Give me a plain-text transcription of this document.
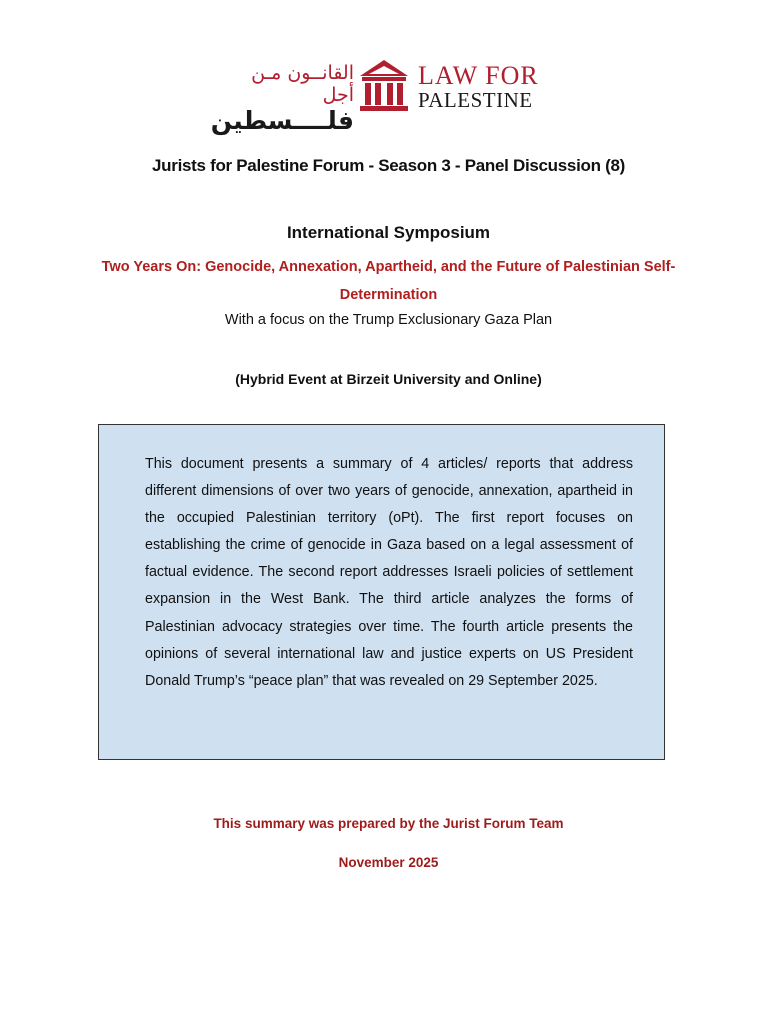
القانــون مـن أجل
فلــــسطين
LAW FOR
PALESTINE
Jurists for Palestine Forum - Season 3 - Panel Discussion (8)
International Symposium
Two Years On: Genocide, Annexation, Apartheid, and the Future of Palestinian Self-Determination
With a focus on the Trump Exclusionary Gaza Plan
(Hybrid Event at Birzeit University and Online)

This document presents a summary of 4 articles/ reports that address different dimensions of over two years of genocide, annexation, apartheid in the occupied Palestinian territory (oPt). The first report focuses on establishing the crime of genocide in Gaza based on a legal assessment of factual evidence. The second report addresses Israeli policies of settlement expansion in the West Bank. The third article analyzes the forms of Palestinian advocacy strategies over time. The fourth article presents the opinions of several international law and justice experts on US President Donald Trump’s “peace plan” that was revealed on 29 September 2025.

This summary was prepared by the Jurist Forum Team
November 2025
